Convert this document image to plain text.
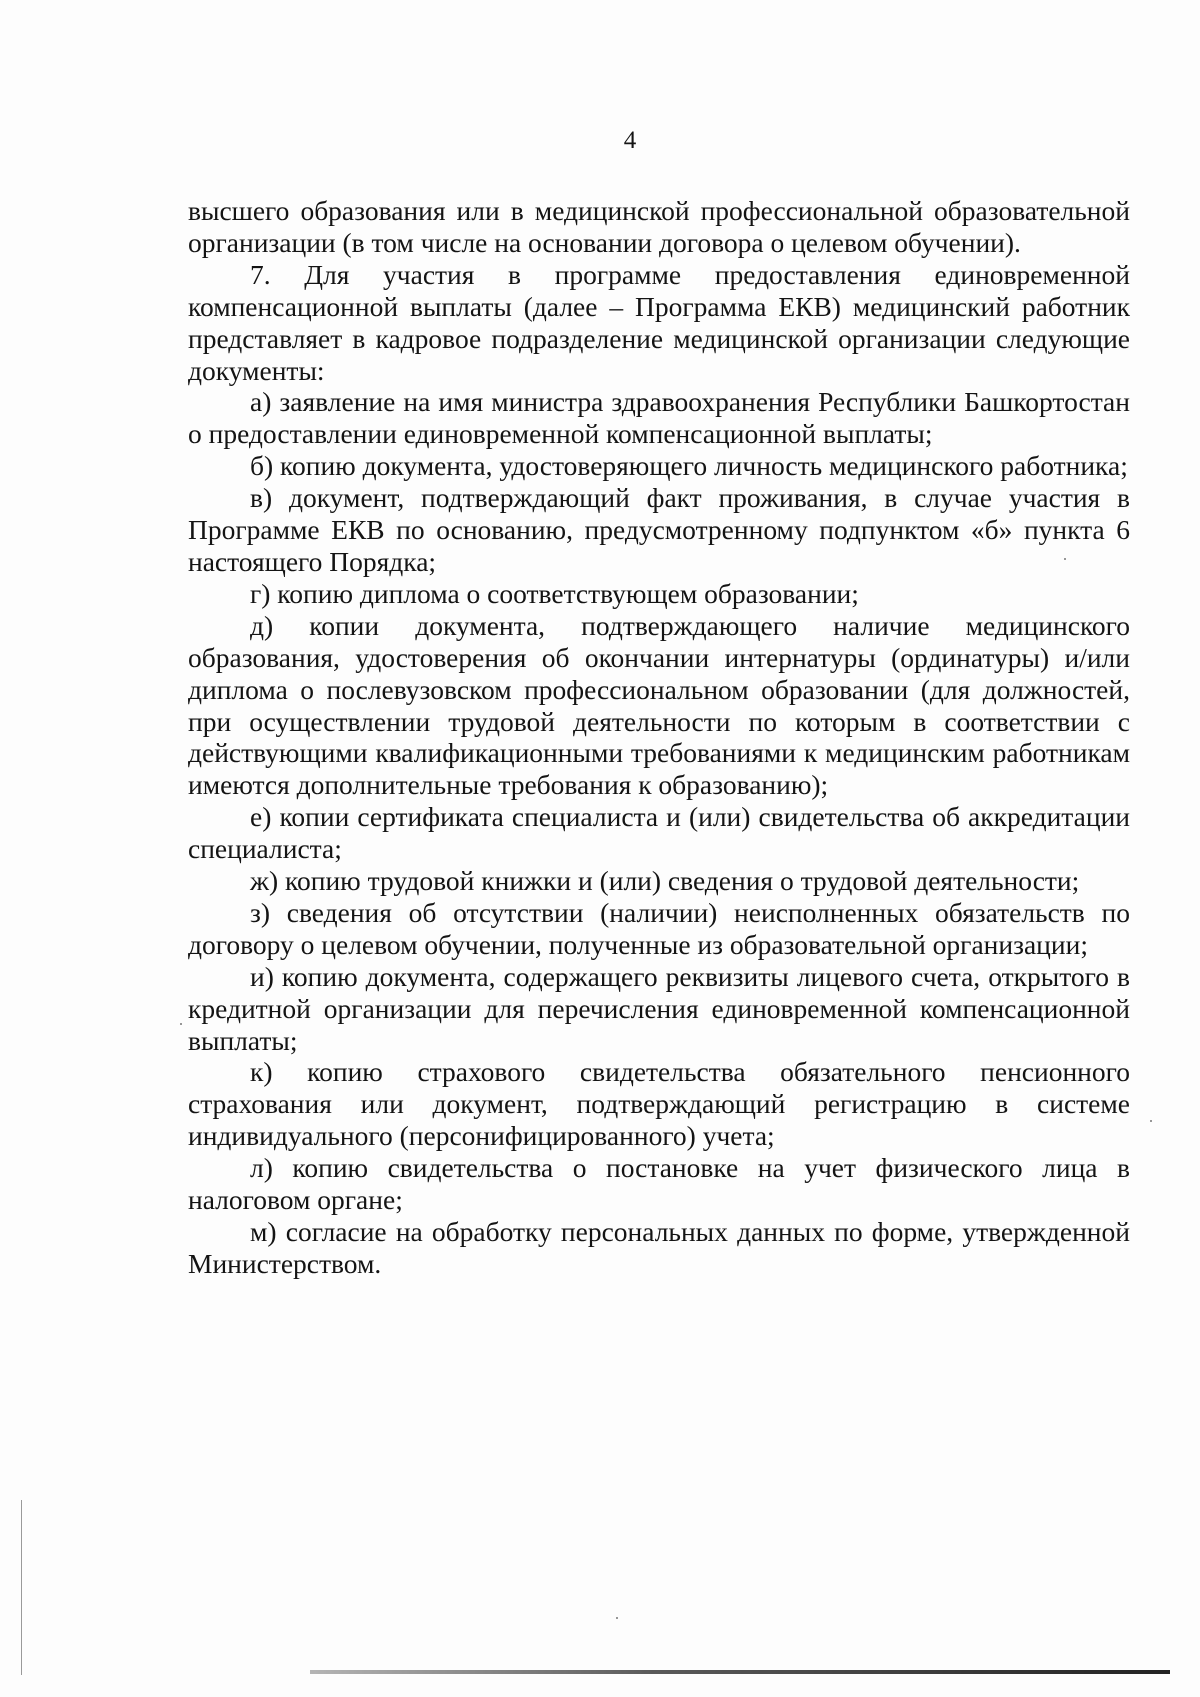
4

высшего образования или в медицинской профессиональной образовательной организации (в том числе на основании договора о целевом обучении).

7. Для участия в программе предоставления единовременной компенсационной выплаты (далее – Программа ЕКВ) медицинский работник представляет в кадровое подразделение медицинской организации следующие документы:

а) заявление на имя министра здравоохранения Республики Башкортостан о предоставлении единовременной компенсационной выплаты;

б) копию документа, удостоверяющего личность медицинского работника;

в) документ, подтверждающий факт проживания, в случае участия в Программе ЕКВ по основанию, предусмотренному подпунктом «б» пункта 6 настоящего Порядка;

г) копию диплома о соответствующем образовании;

д) копии документа, подтверждающего наличие медицинского образования, удостоверения об окончании интернатуры (ординатуры) и/или диплома о послевузовском профессиональном образовании (для должностей, при осуществлении трудовой деятельности по которым в соответствии с действующими квалификационными требованиями к медицинским работникам имеются дополнительные требования к образованию);

е) копии сертификата специалиста и (или) свидетельства об аккредитации специалиста;

ж) копию трудовой книжки и (или) сведения о трудовой деятельности;

з) сведения об отсутствии (наличии) неисполненных обязательств по договору о целевом обучении, полученные из образовательной организации;

и) копию документа, содержащего реквизиты лицевого счета, открытого в кредитной организации для перечисления единовременной компенсационной выплаты;

к) копию страхового свидетельства обязательного пенсионного страхования или документ, подтверждающий регистрацию в системе индивидуального (персонифицированного) учета;

л) копию свидетельства о постановке на учет физического лица в налоговом органе;

м) согласие на обработку персональных данных по форме, утвержденной Министерством.
